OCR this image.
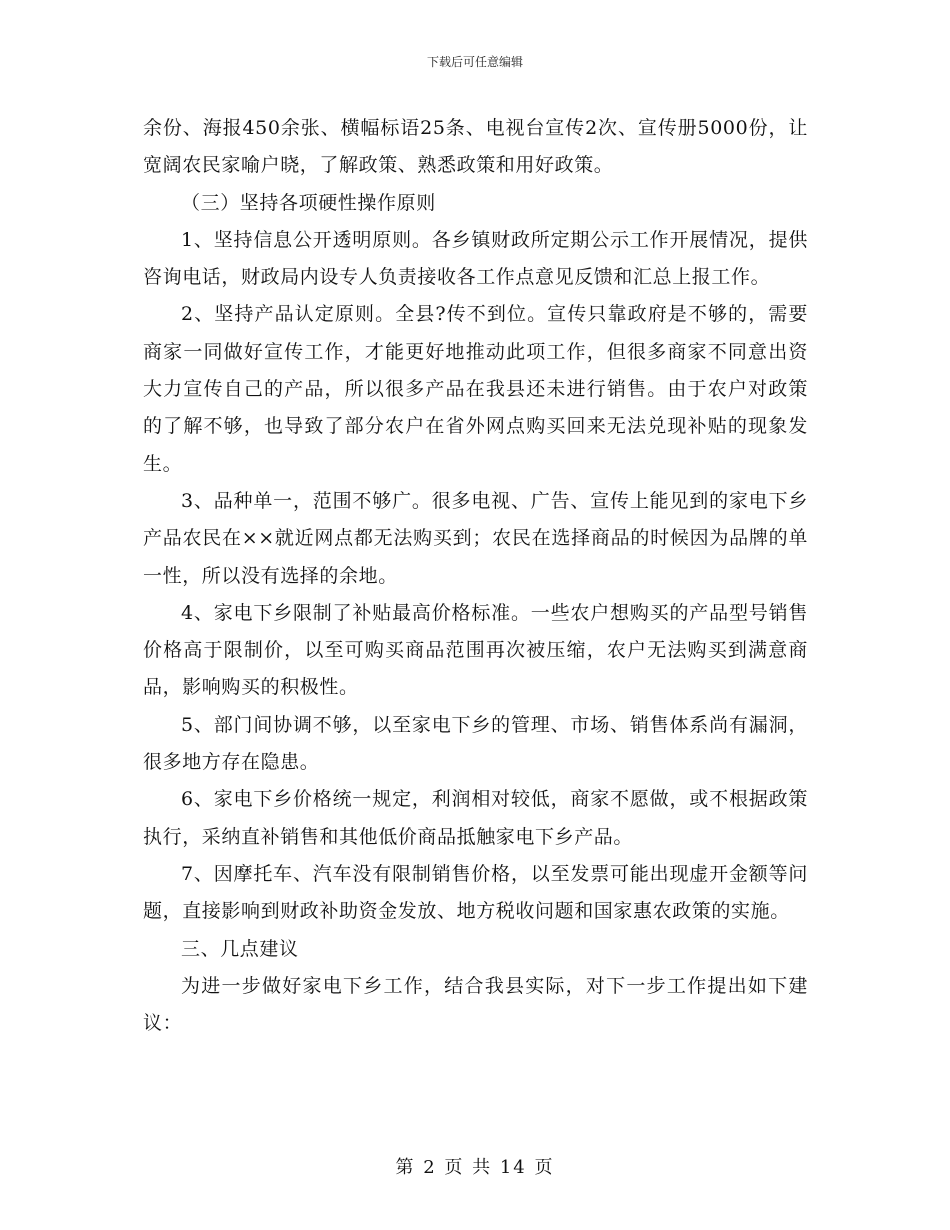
下载后可任意编辑

余份、海报450余张、横幅标语25条、电视台宣传2次、宣传册5000份，让宽阔农民家喻户晓，了解政策、熟悉政策和用好政策。

（三）坚持各项硬性操作原则

1、坚持信息公开透明原则。各乡镇财政所定期公示工作开展情况，提供咨询电话，财政局内设专人负责接收各工作点意见反馈和汇总上报工作。

2、坚持产品认定原则。全县?传不到位。宣传只靠政府是不够的，需要商家一同做好宣传工作，才能更好地推动此项工作，但很多商家不同意出资大力宣传自己的产品，所以很多产品在我县还未进行销售。由于农户对政策的了解不够，也导致了部分农户在省外网点购买回来无法兑现补贴的现象发生。

3、品种单一，范围不够广。很多电视、广告、宣传上能见到的家电下乡产品农民在××就近网点都无法购买到；农民在选择商品的时候因为品牌的单一性，所以没有选择的余地。

4、家电下乡限制了补贴最高价格标准。一些农户想购买的产品型号销售价格高于限制价，以至可购买商品范围再次被压缩，农户无法购买到满意商品，影响购买的积极性。

5、部门间协调不够，以至家电下乡的管理、市场、销售体系尚有漏洞，很多地方存在隐患。

6、家电下乡价格统一规定，利润相对较低，商家不愿做，或不根据政策执行，采纳直补销售和其他低价商品抵触家电下乡产品。

7、因摩托车、汽车没有限制销售价格，以至发票可能出现虚开金额等问题，直接影响到财政补助资金发放、地方税收问题和国家惠农政策的实施。

三、几点建议

为进一步做好家电下乡工作，结合我县实际，对下一步工作提出如下建议：

第 2 页 共 14 页
